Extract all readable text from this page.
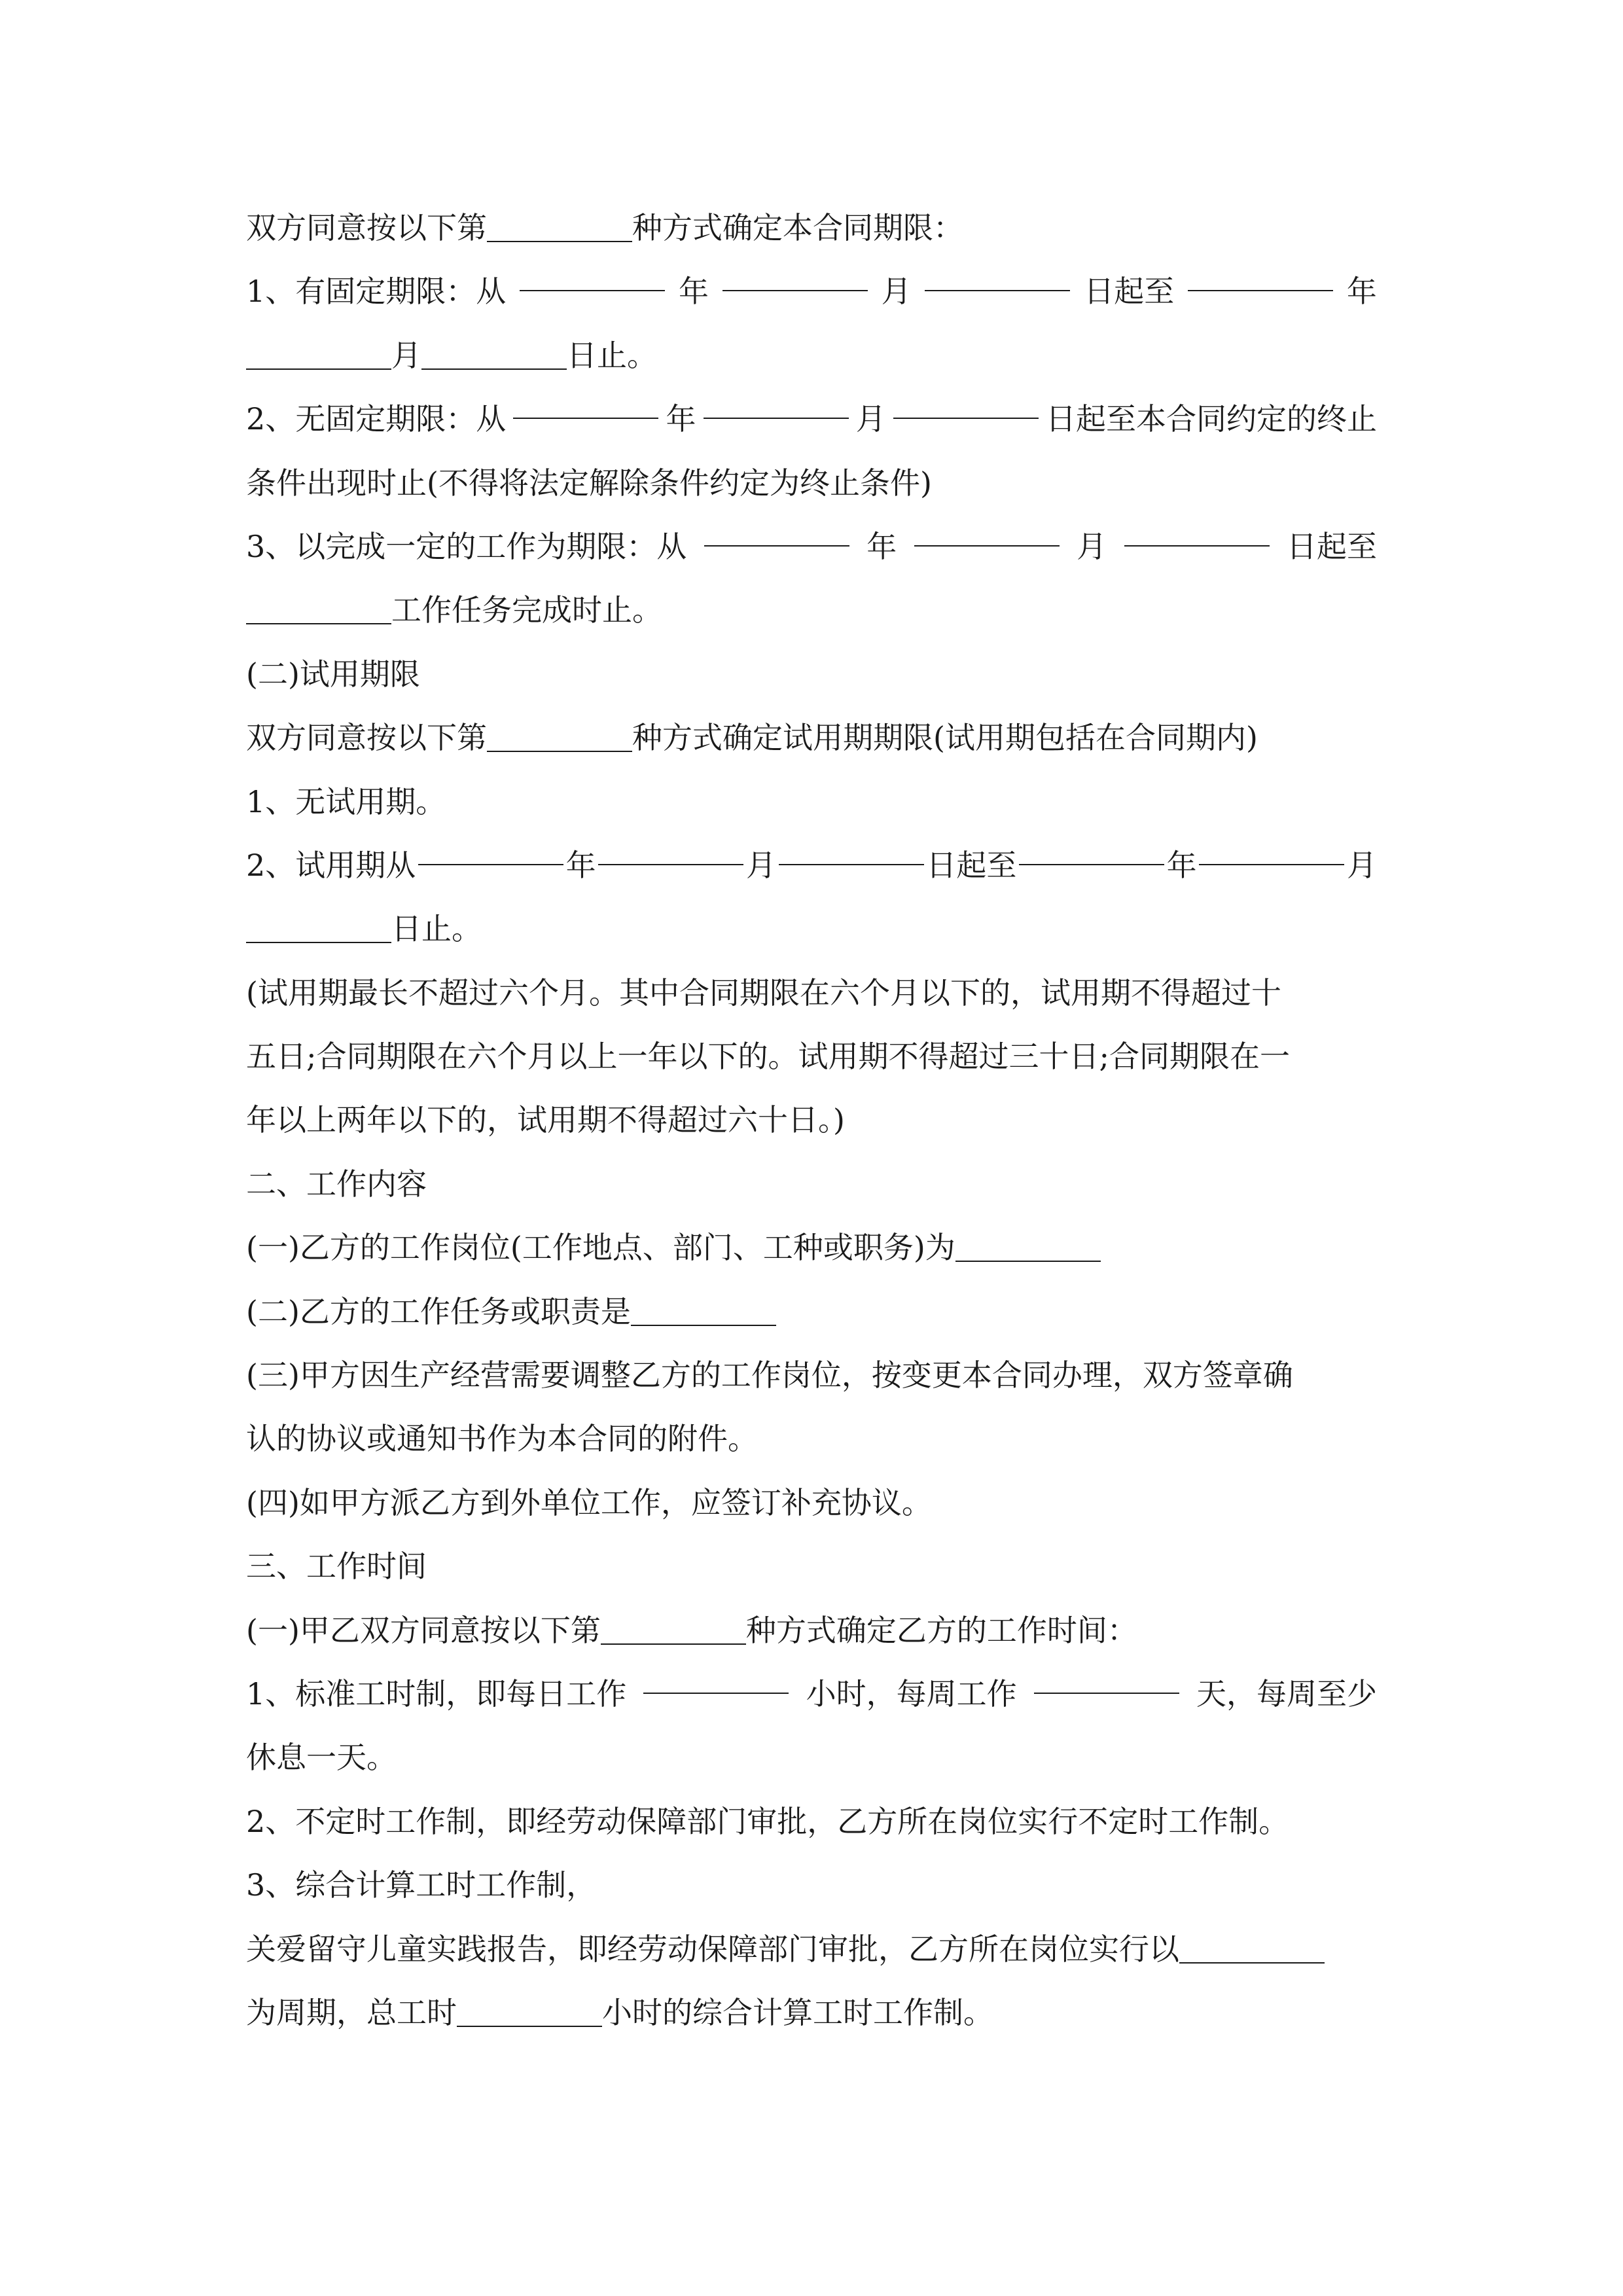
双方同意按以下第	种方式确定本合同期限：
1、有固定期限：从	年	月	日起至	年
月	日止。
2、无固定期限：从	年	月	日起至本合同约定的终止
条件出现时止(不得将法定解除条件约定为终止条件)
3、以完成一定的工作为期限：从	年	月	日起至
工作任务完成时止。
(二)试用期限
双方同意按以下第	种方式确定试用期期限(试用期包括在合同期内)
1、无试用期。
2、试用期从	年	月	日起至	年	月
日止。
(试用期最长不超过六个月。其中合同期限在六个月以下的，试用期不得超过十
五日;合同期限在六个月以上一年以下的。试用期不得超过三十日;合同期限在一
年以上两年以下的，试用期不得超过六十日。)
二、工作内容
(一)乙方的工作岗位(工作地点、部门、工种或职务)为
(二)乙方的工作任务或职责是
(三)甲方因生产经营需要调整乙方的工作岗位，按变更本合同办理，双方签章确
认的协议或通知书作为本合同的附件。
(四)如甲方派乙方到外单位工作，应签订补充协议。
三、工作时间
(一)甲乙双方同意按以下第	种方式确定乙方的工作时间：
1、标准工时制，即每日工作	小时，每周工作	天，每周至少
休息一天。
2、不定时工作制，即经劳动保障部门审批，乙方所在岗位实行不定时工作制。
3、综合计算工时工作制，
关爱留守儿童实践报告，即经劳动保障部门审批，乙方所在岗位实行以
为周期，总工时	小时的综合计算工时工作制。
